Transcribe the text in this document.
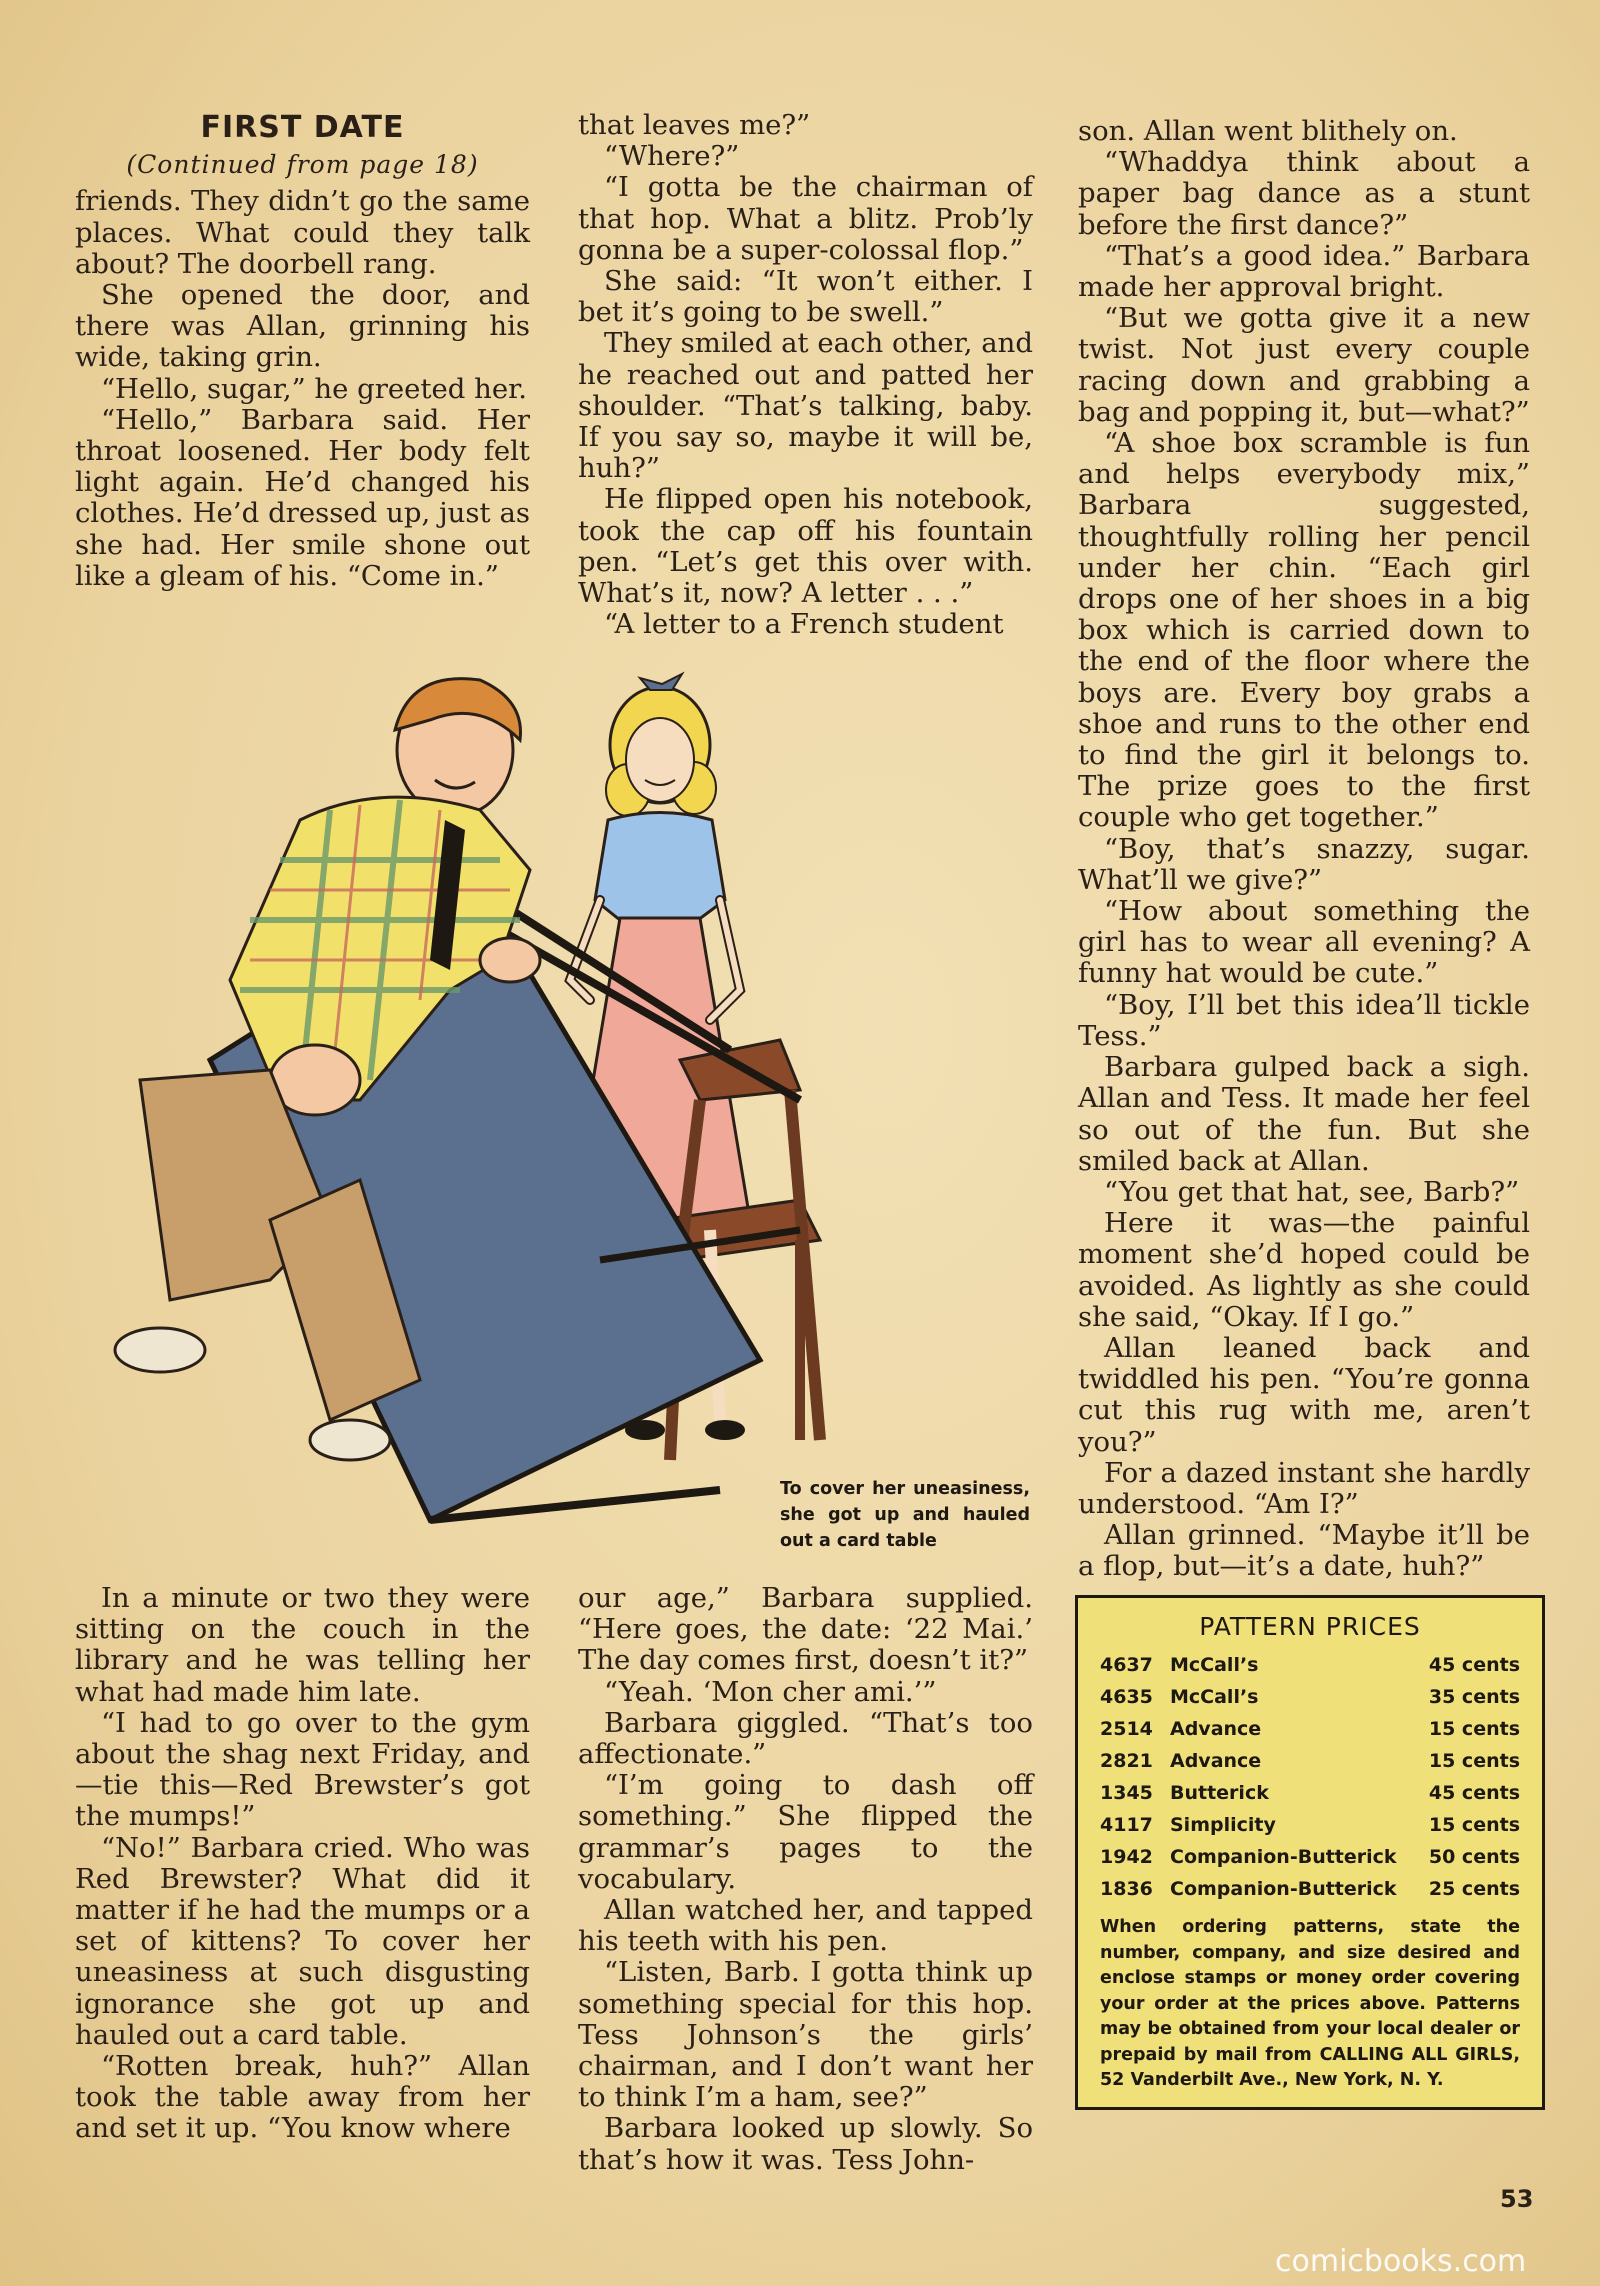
FIRST DATE
(Continued from page 18)

friends. They didn’t go the same places. What could they talk about? The doorbell rang.

She opened the door, and there was Allan, grinning his wide, taking grin.

“Hello, sugar,” he greeted her.

“Hello,” Barbara said. Her throat loosened. Her body felt light again. He’d changed his clothes. He’d dressed up, just as she had. Her smile shone out like a gleam of his. “Come in.”

that leaves me?”

“Where?”

“I gotta be the chairman of that hop. What a blitz. Prob’ly gonna be a super-colossal flop.”

She said: “It won’t either. I bet it’s going to be swell.”

They smiled at each other, and he reached out and patted her shoulder. “That’s talking, baby. If you say so, maybe it will be, huh?”

He flipped open his notebook, took the cap off his fountain pen. “Let’s get this over with. What’s it, now? A letter . . .”

“A letter to a French student

son. Allan went blithely on.

“Whaddya think about a paper bag dance as a stunt before the first dance?”

“That’s a good idea.” Barbara made her approval bright.

“But we gotta give it a new twist. Not just every couple racing down and grabbing a bag and popping it, but—what?”

“A shoe box scramble is fun and helps everybody mix,” Barbara suggested, thoughtfully rolling her pencil under her chin. “Each girl drops one of her shoes in a big box which is carried down to the end of the floor where the boys are. Every boy grabs a shoe and runs to the other end to find the girl it belongs to. The prize goes to the first couple who get together.”

“Boy, that’s snazzy, sugar. What’ll we give?”

“How about something the girl has to wear all evening? A funny hat would be cute.”

“Boy, I’ll bet this idea’ll tickle Tess.”

Barbara gulped back a sigh. Allan and Tess. It made her feel so out of the fun. But she smiled back at Allan.

“You get that hat, see, Barb?”

Here it was—the painful moment she’d hoped could be avoided. As lightly as she could she said, “Okay. If I go.”

Allan leaned back and twiddled his pen. “You’re gonna cut this rug with me, aren’t you?”

For a dazed instant she hardly understood. “Am I?”

Allan grinned. “Maybe it’ll be a flop, but—it’s a date, huh?”

To cover her uneasiness, she got up and hauled out a card table

In a minute or two they were sitting on the couch in the library and he was telling her what had made him late.

“I had to go over to the gym about the shag next Friday, and—tie this—Red Brewster’s got the mumps!”

“No!” Barbara cried. Who was Red Brewster? What did it matter if he had the mumps or a set of kittens? To cover her uneasiness at such disgusting ignorance she got up and hauled out a card table.

“Rotten break, huh?” Allan took the table away from her and set it up. “You know where

our age,” Barbara supplied. “Here goes, the date: ‘22 Mai.’ The day comes first, doesn’t it?”

“Yeah. ‘Mon cher ami.’”

Barbara giggled. “That’s too affectionate.”

“I’m going to dash off something.” She flipped the grammar’s pages to the vocabulary.

Allan watched her, and tapped his teeth with his pen.

“Listen, Barb. I gotta think up something special for this hop. Tess Johnson’s the girls’ chairman, and I don’t want her to think I’m a ham, see?”

Barbara looked up slowly. So that’s how it was. Tess John-

PATTERN PRICES
4637 McCall’s	45 cents
4635 McCall’s	35 cents
2514 Advance	15 cents
2821 Advance	15 cents
1345 Butterick	45 cents
4117 Simplicity	15 cents
1942 Companion-Butterick	50 cents
1836 Companion-Butterick	25 cents
When ordering patterns, state the number, company, and size desired and enclose stamps or money order covering your order at the prices above. Patterns may be obtained from your local dealer or prepaid by mail from CALLING ALL GIRLS, 52 Vanderbilt Ave., New York, N. Y.
53
comicbooks.com
